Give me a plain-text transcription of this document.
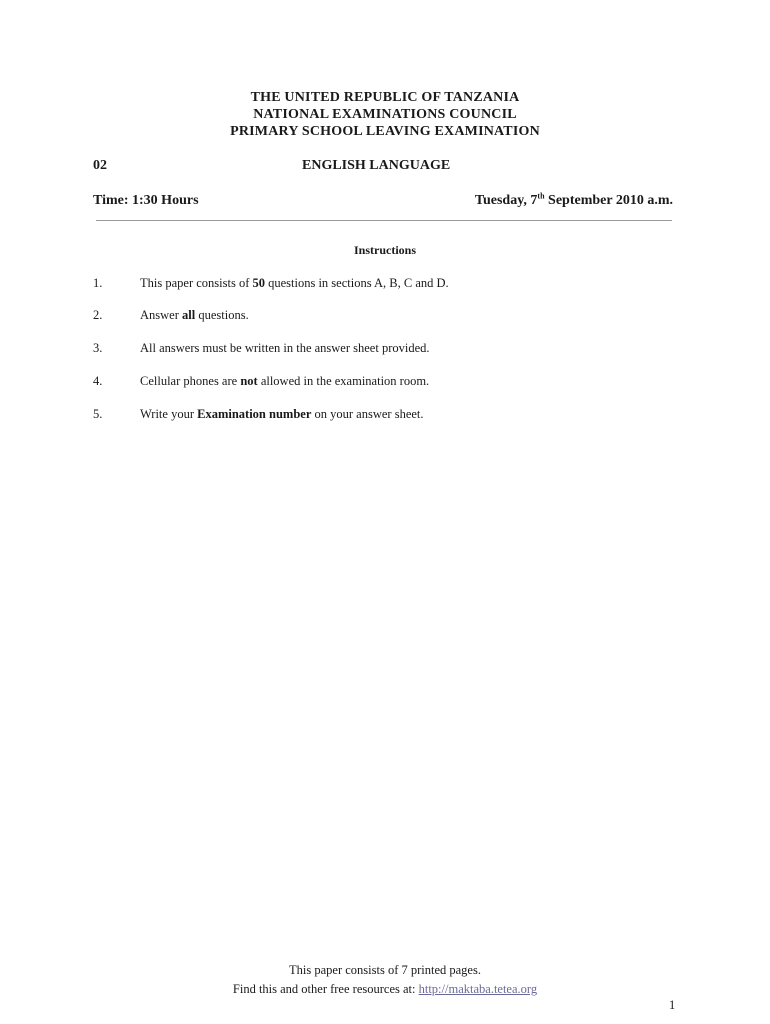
THE UNITED REPUBLIC OF TANZANIA
NATIONAL EXAMINATIONS COUNCIL
PRIMARY SCHOOL LEAVING EXAMINATION
02	ENGLISH LANGUAGE
Time: 1:30 Hours	Tuesday, 7th September 2010 a.m.
Instructions
1.	This paper consists of 50 questions in sections A, B, C and D.
2.	Answer all questions.
3.	All answers must be written in the answer sheet provided.
4.	Cellular phones are not allowed in the examination room.
5.	Write your Examination number on your answer sheet.
This paper consists of 7 printed pages.
Find this and other free resources at: http://maktaba.tetea.org
1
